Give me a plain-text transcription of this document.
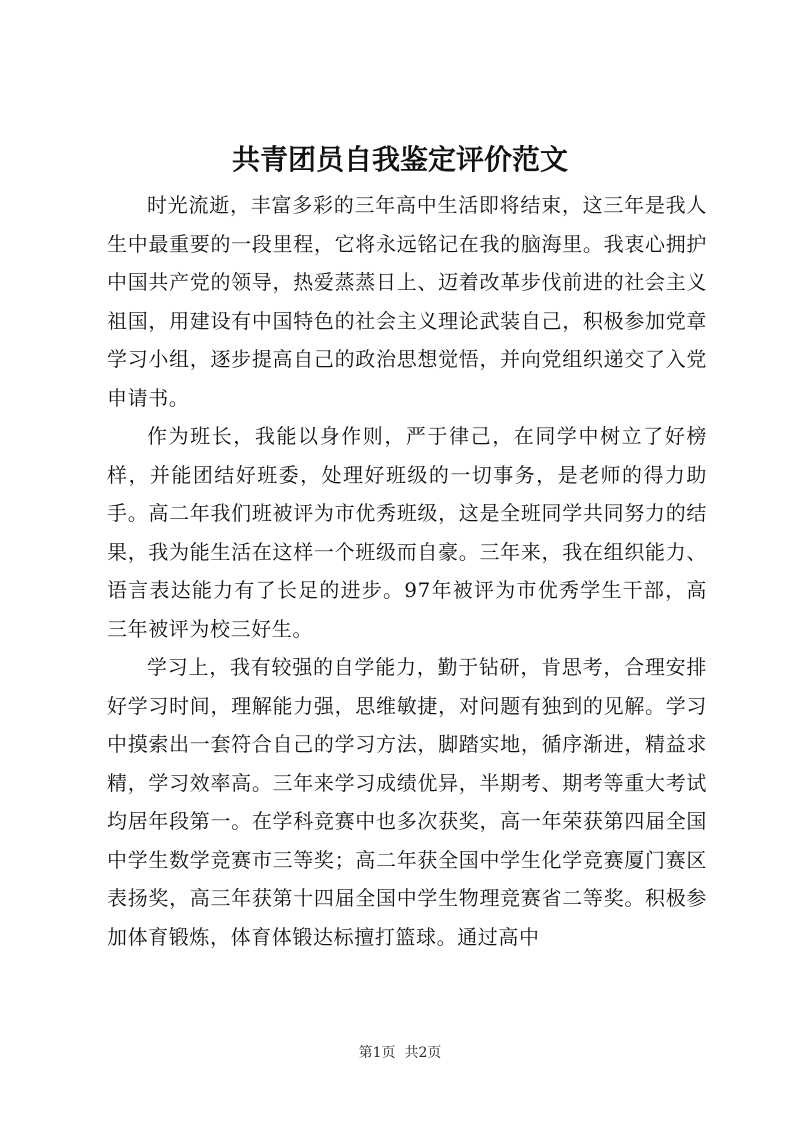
共青团员自我鉴定评价范文

时光流逝，丰富多彩的三年高中生活即将结束，这三年是我人生中最重要的一段里程，它将永远铭记在我的脑海里。我衷心拥护中国共产党的领导，热爱蒸蒸日上、迈着改革步伐前进的社会主义祖国，用建设有中国特色的社会主义理论武装自己，积极参加党章学习小组，逐步提高自己的政治思想觉悟，并向党组织递交了入党申请书。

作为班长，我能以身作则，严于律己，在同学中树立了好榜样，并能团结好班委，处理好班级的一切事务，是老师的得力助手。高二年我们班被评为市优秀班级，这是全班同学共同努力的结果，我为能生活在这样一个班级而自豪。三年来，我在组织能力、语言表达能力有了长足的进步。97年被评为市优秀学生干部，高三年被评为校三好生。

学习上，我有较强的自学能力，勤于钻研，肯思考，合理安排好学习时间，理解能力强，思维敏捷，对问题有独到的见解。学习中摸索出一套符合自己的学习方法，脚踏实地，循序渐进，精益求精，学习效率高。三年来学习成绩优异，半期考、期考等重大考试均居年段第一。在学科竞赛中也多次获奖，高一年荣获第四届全国中学生数学竞赛市三等奖；高二年获全国中学生化学竞赛厦门赛区表扬奖，高三年获第十四届全国中学生物理竞赛省二等奖。积极参加体育锻炼，体育体锻达标擅打篮球。通过高中

第1页  共2页
